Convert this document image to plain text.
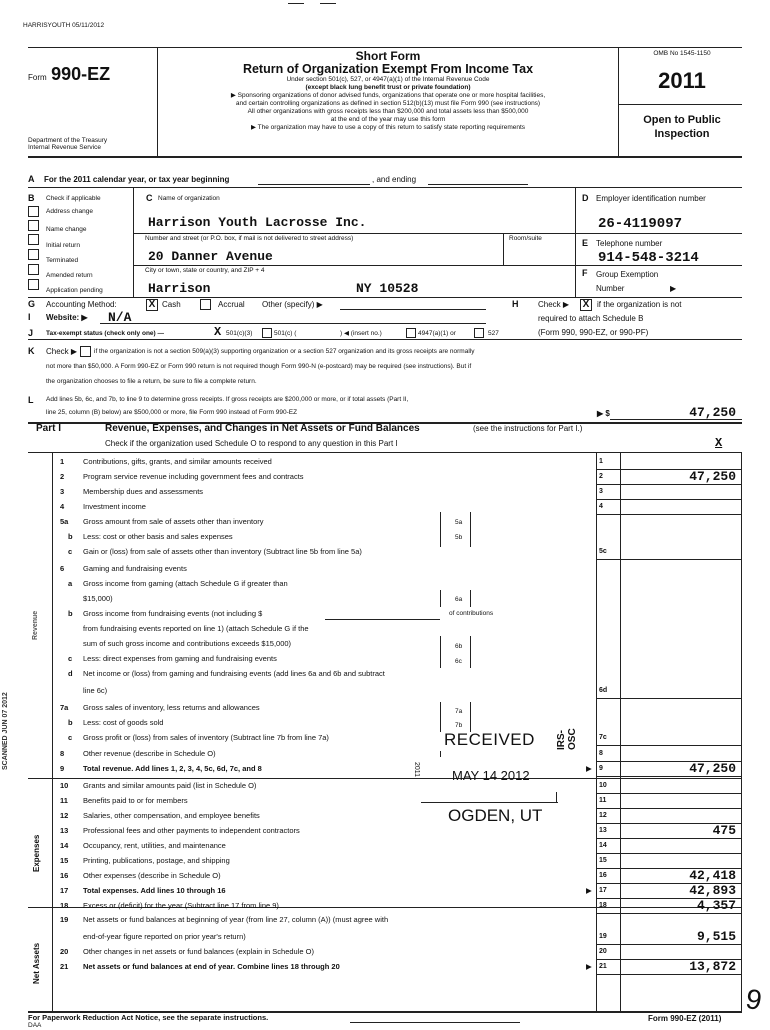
HARRISYOUTH 05/11/2012
Form 990-EZ
Department of the Treasury
Internal Revenue Service
Short Form
Return of Organization Exempt From Income Tax
Under section 501(c), 527, or 4947(a)(1) of the Internal Revenue Code
(except black lung benefit trust or private foundation)
▶ Sponsoring organizations of donor advised funds, organizations that operate one or more hospital facilities,
and certain controlling organizations as defined in section 512(b)(13) must file Form 990 (see instructions)
All other organizations with gross receipts less than $200,000 and total assets less than $500,000
at the end of the year may use this form
▶ The organization may have to use a copy of this return to satisfy state reporting requirements
OMB No 1545-1150
2011
Open to Public
Inspection
A For the 2011 calendar year, or tax year beginning	, and ending
B Check if applicable
Address change
Name change
Initial return
Terminated
Amended return
Application pending
C Name of organization
Harrison Youth Lacrosse Inc.
Number and street (or P.O. box, if mail is not delivered to street address)	Room/suite
20 Danner Avenue
City or town, state or country, and ZIP + 4
Harrison	NY 10528
D Employer identification number
26-4119097
E Telephone number
914-548-3214
F Group Exemption
Number	▶
G Accounting Method:	X Cash	Accrual Other (specify) ▶
I Website: ▶ N/A
J Tax-exempt status (check only one) —	X 501(c)(3)	501(c) (	) ◀ (insert no.)	4947(a)(1) or	527
H Check ▶ X if the organization is not
required to attach Schedule B
(Form 990, 990-EZ, or 990-PF)
K Check ▶	if the organization is not a section 509(a)(3) supporting organization or a section 527 organization and its gross receipts are normally
not more than $50,000. A Form 990-EZ or Form 990 return is not required though Form 990-N (e-postcard) may be required (see instructions). But if
the organization chooses to file a return, be sure to file a complete return.
L Add lines 5b, 6c, and 7b, to line 9 to determine gross receipts. If gross receipts are $200,000 or more, or if total assets (Part II,
line 25, column (B) below) are $500,000 or more, file Form 990 instead of Form 990-EZ	▶ $	47,250
Part I	Revenue, Expenses, and Changes in Net Assets or Fund Balances	(see the instructions for Part I.)
Check if the organization used Schedule O to respond to any question in this Part I	X
5a
5b
6a
of contributions
6b
6c
7a
7b
SCANNED JUN 07 2012
Expenses
Net Assets
Revenue
1	Contributions, gifts, grants, and similar amounts received	1
2	Program service revenue including government fees and contracts	2	47,250
3	Membership dues and assessments	3
4	Investment income	4
5a Gross amount from sale of assets other than inventory
b Less: cost or other basis and sales expenses
c Gain or (loss) from sale of assets other than inventory (Subtract line 5b from line 5a)	5c
6	Gaming and fundraising events
a Gross income from gaming (attach Schedule G if greater than
$15,000)
b Gross income from fundraising events (not including $
from fundraising events reported on line 1) (attach Schedule G if the
sum of such gross income and contributions exceeds $15,000)
c Less: direct expenses from gaming and fundraising events
d Net income or (loss) from gaming and fundraising events (add lines 6a and 6b and subtract
line 6c)	6d
7a Gross sales of inventory, less returns and allowances
b Less: cost of goods sold
c Gross profit or (loss) from sales of inventory (Subtract line 7b from line 7a)	7c
8	Other revenue (describe in Schedule O)	8
9	Total revenue. Add lines 1, 2, 3, 4, 5c, 6d, 7c, and 8	9	47,250
▶
10 Grants and similar amounts paid (list in Schedule O)	10
11 Benefits paid to or for members	11
12 Salaries, other compensation, and employee benefits	12
13 Professional fees and other payments to independent contractors	13	475
14 Occupancy, rent, utilities, and maintenance	14
15 Printing, publications, postage, and shipping	15
16 Other expenses (describe in Schedule O)	16	42,418
17 Total expenses. Add lines 10 through 16	17	42,893
▶
18 Excess or (deficit) for the year (Subtract line 17 from line 9)	18	4,357
19 Net assets or fund balances at beginning of year (from line 27, column (A)) (must agree with
end-of-year figure reported on prior year's return)	19	9,515
20 Other changes in net assets or fund balances (explain in Schedule O)	20
21 Net assets or fund balances at end of year. Combine lines 18 through 20	21	13,872
▶
RECEIVED
MAY 14 2012
2011
IRS-OSC
OGDEN, UT
For Paperwork Reduction Act Notice, see the separate instructions.
DAA
Form 990-EZ (2011)
9
